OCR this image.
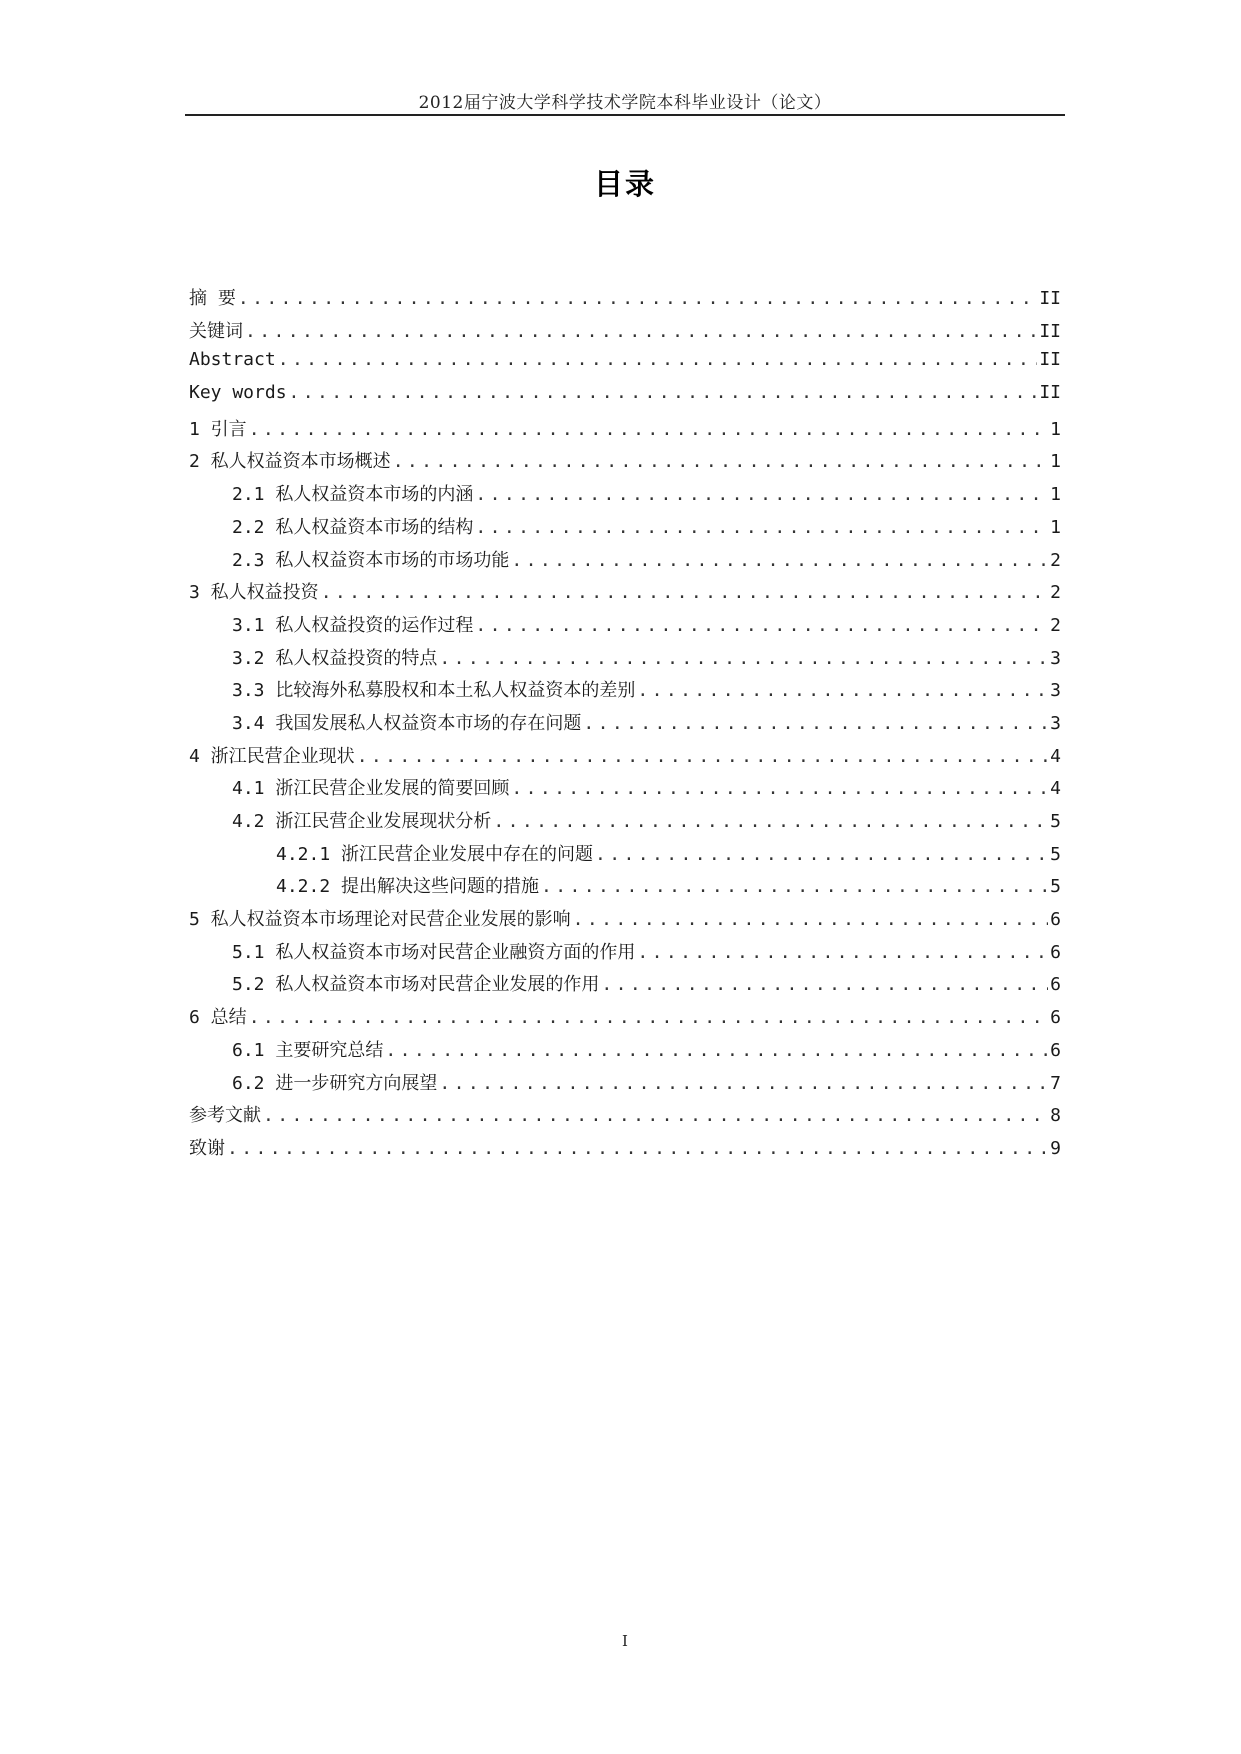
2012届宁波大学科学技术学院本科毕业设计（论文）
目录
摘 要 .....	II
关键词 .....	II
Abstract .....	II
Key words .....	II
1 引言 .....	1
2 私人权益资本市场概述 .....	1
2.1 私人权益资本市场的内涵 .....	1
2.2 私人权益资本市场的结构 .....	1
2.3 私人权益资本市场的市场功能 .....	2
3 私人权益投资 .....	2
3.1 私人权益投资的运作过程 .....	2
3.2 私人权益投资的特点 .....	3
3.3 比较海外私募股权和本土私人权益资本的差别 .....	3
3.4 我国发展私人权益资本市场的存在问题 .....	3
4 浙江民营企业现状 .....	4
4.1 浙江民营企业发展的简要回顾 .....	4
4.2 浙江民营企业发展现状分析 .....	5
4.2.1 浙江民营企业发展中存在的问题 .....	5
4.2.2 提出解决这些问题的措施 .....	5
5 私人权益资本市场理论对民营企业发展的影响 .....	6
5.1 私人权益资本市场对民营企业融资方面的作用 .....	6
5.2 私人权益资本市场对民营企业发展的作用 .....	6
6 总结 .....	6
6.1 主要研究总结 .....	6
6.2 进一步研究方向展望 .....	7
参考文献 .....	8
致谢 .....	9
I
